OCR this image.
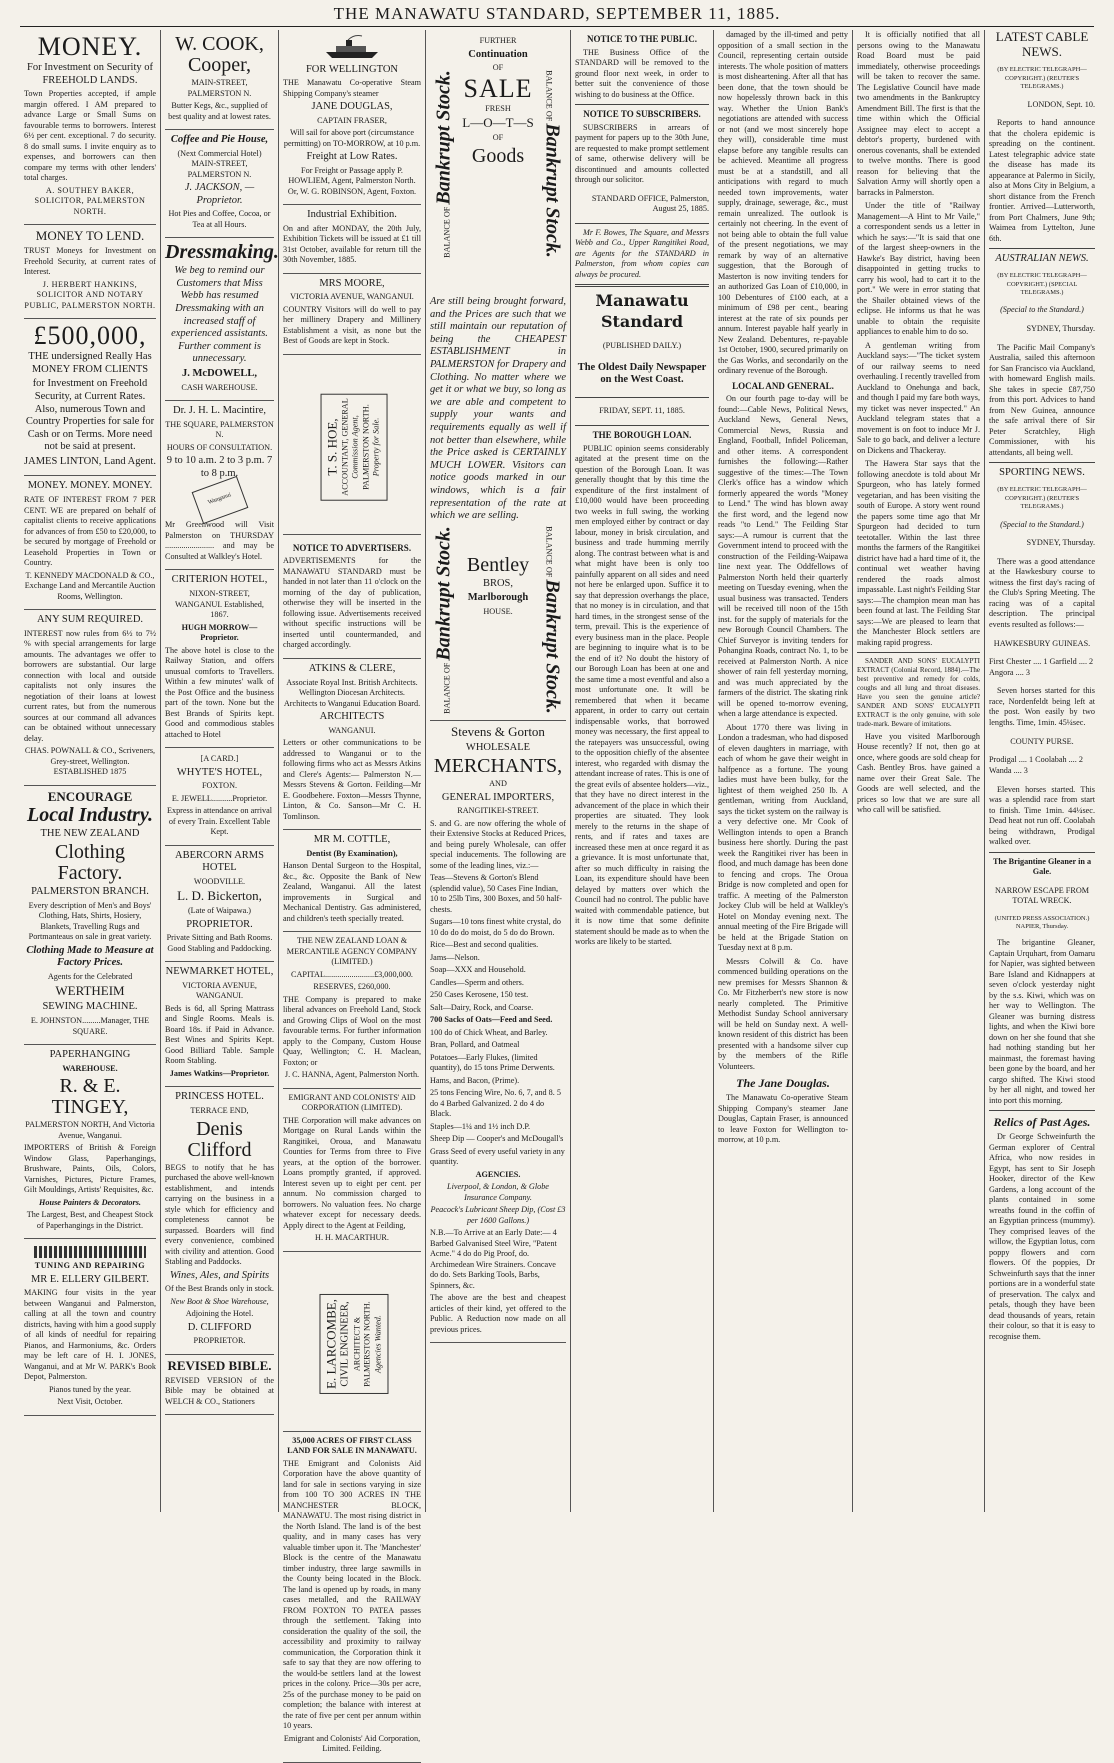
THE MANAWATU STANDARD, SEPTEMBER 11, 1885.
MONEY.

For Investment on Security of FREEHOLD LANDS.

Town Properties accepted, if ample margin offered. I AM prepared to advance Large or Small Sums on favourable terms to borrowers. Interest 6½ per cent. exceptional. 7 do security. 8 do small sums. I invite enquiry as to expenses, and borrowers can then compare my terms with other lenders' total charges.

A. SOUTHEY BAKER, SOLICITOR, PALMERSTON NORTH.

MONEY TO LEND.

TRUST Moneys for Investment on Freehold Security, at current rates of Interest.

J. HERBERT HANKINS, SOLICITOR AND NOTARY PUBLIC, PALMERSTON NORTH.

£500,000,

THE undersigned Really Has MONEY FROM CLIENTS

for Investment on Freehold Security, at Current Rates. Also, numerous Town and Country Properties for sale for Cash or on Terms. More need not be said at present.

JAMES LINTON, Land Agent.

MONEY. MONEY. MONEY.

RATE OF INTEREST FROM 7 PER CENT. WE are prepared on behalf of capitalist clients to receive applications for advances of from £50 to £20,000, to be secured by mortgage of Freehold or Leasehold Properties in Town or Country.

T. KENNEDY MACDONALD & CO., Exchange Land and Mercantile Auction Rooms, Wellington.

ANY SUM REQUIRED.

INTEREST now rules from 6½ to 7½ % with special arrangements for large amounts. The advantages we offer to borrowers are substantial. Our large connection with local and outside capitalists not only insures the negotiation of their loans at lowest current rates, but from the numerous sources at our command all advances can be obtained without unnecessary delay.

CHAS. POWNALL & CO., Scriveners, Grey-street, Wellington. ESTABLISHED 1875

ENCOURAGE
Local Industry.

THE NEW ZEALAND

Clothing Factory.

PALMERSTON BRANCH.

Every description of Men's and Boys' Clothing, Hats, Shirts, Hosiery, Blankets, Travelling Rugs and Portmanteaus on sale in great variety.

Clothing Made to Measure at Factory Prices.

Agents for the Celebrated

WERTHEIM

SEWING MACHINE.

E. JOHNSTON.........Manager, THE SQUARE.

PAPERHANGING

WAREHOUSE.

R. & E. TINGEY,

PALMERSTON NORTH, And Victoria Avenue, Wanganui.

IMPORTERS of British & Foreign Window Glass, Paperhangings, Brushware, Paints, Oils, Colors, Varnishes, Pictures, Picture Frames, Gilt Mouldings, Artists' Requisites, &c.

House Painters & Decorators.

The Largest, Best, and Cheapest Stock of Paperhangings in the District.

TUNING AND REPAIRING

MR E. ELLERY GILBERT.

MAKING four visits in the year between Wanganui and Palmerston, calling at all the town and country districts, having with him a good supply of all kinds of needful for repairing Pianos, and Harmoniums, &c. Orders may be left care of H. I. JONES, Wanganui, and at Mr W. PARK's Book Depot, Palmerston.

Pianos tuned by the year.

Next Visit, October.

W. COOK,
Cooper,

MAIN-STREET, PALMERSTON N.

Butter Kegs, &c., supplied of best quality and at lowest rates.

Coffee and Pie House,

(Next Commercial Hotel) MAIN-STREET, PALMERSTON N.

J. JACKSON, — Proprietor.

Hot Pies and Coffee, Cocoa, or Tea at all Hours.

Dressmaking.

We beg to remind our Customers that Miss Webb has resumed Dressmaking with an increased staff of experienced assistants. Further comment is unnecessary.

J. McDOWELL,

CASH WAREHOUSE.

Dr. J. H. L. Macintire,

THE SQUARE, PALMERSTON N.

HOURS OF CONSULTATION.

9 to 10 a.m. 2 to 3 p.m. 7 to 8 p.m.

Wanganui

Mr Greenwood will Visit Palmerston on THURSDAY ........................ and may be Consulted at Walkley's Hotel.

CRITERION HOTEL,

NIXON-STREET, WANGANUI. Established, 1867.

HUGH MORROW—Proprietor.

The above hotel is close to the Railway Station, and offers unusual comforts to Travellers. Within a few minutes' walk of the Post Office and the business part of the town. None but the Best Brands of Spirits kept. Good and commodious stables attached to Hotel

[A CARD.]

WHYTE'S HOTEL,

FOXTON.

E. JEWELL..........Proprietor.

Express in attendance on arrival of every Train. Excellent Table Kept.

ABERCORN ARMS HOTEL

WOODVILLE.

L. D. Bickerton,

(Late of Waipawa.)

PROPRIETOR.

Private Sitting and Bath Rooms. Good Stabling and Paddocking.

NEWMARKET HOTEL,

VICTORIA AVENUE, WANGANUI.

Beds is 6d, all Spring Mattrass and Single Rooms. Meals is. Board 18s. if Paid in Advance. Best Wines and Spirits Kept. Good Billiard Table. Sample Room Stabling.

James Watkins—Proprietor.

PRINCESS HOTEL.

TERRACE END,

Denis Clifford

BEGS to notify that he has purchased the above well-known establishment, and intends carrying on the business in a style which for efficiency and completeness cannot be surpassed. Boarders will find every convenience, combined with civility and attention. Good Stabling and Paddocks.

Wines, Ales, and Spirits

Of the Best Brands only in stock.

New Boot & Shoe Warehouse,

Adjoining the Hotel.

D. CLIFFORD

PROPRIETOR.

REVISED BIBLE.

REVISED VERSION of the Bible may be obtained at WELCH & CO., Stationers

FOR WELLINGTON

THE Manawatu Co-operative Steam Shipping Company's steamer

JANE DOUGLAS,

CAPTAIN FRASER,

Will sail for above port (circumstance permitting) on TO-MORROW, at 10 p.m.

Freight at Low Rates.

For Freight or Passage apply P. HOWLIEM, Agent, Palmerston North. Or, W. G. ROBINSON, Agent, Foxton.

Industrial Exhibition.

On and after MONDAY, the 20th July, Exhibition Tickets will be issued at £1 till 31st October, available for return till the 30th November, 1885.

MRS MOORE,

VICTORIA AVENUE, WANGANUI.

COUNTRY Visitors will do well to pay her millinery Drapery and Millinery Establishment a visit, as none but the Best of Goods are kept in Stock.

T. S. HOE, ACCOUNTANT, GENERAL Commission Agent, PALMERSTON NORTH. Property for Sale.
NOTICE TO ADVERTISERS.

ADVERTISEMENTS for the MANAWATU STANDARD must be handed in not later than 11 o'clock on the morning of the day of publication, otherwise they will be inserted in the following issue. Advertisements received without specific instructions will be inserted until countermanded, and charged accordingly.

ATKINS & CLERE,

Associate Royal Inst. British Architects. Wellington Diocesan Architects. Architects to Wanganui Education Board.

ARCHITECTS

WANGANUI.

Letters or other communications to be addressed to Wanganui or to the following firms who act as Messrs Atkins and Clere's Agents:— Palmerston N.—Messrs Stevens & Gorton. Feilding—Mr E. Goodbehere. Foxton—Messrs Thynne, Linton, & Co. Sanson—Mr C. H. Tomlinson.

MR M. COTTLE,

Dentist (By Examination),

Hanson Dental Surgeon to the Hospital, &c., &c. Opposite the Bank of New Zealand, Wanganui. All the latest improvements in Surgical and Mechanical Dentistry. Gas administered, and children's teeth specially treated.

THE NEW ZEALAND LOAN & MERCANTILE AGENCY COMPANY (LIMITED.)

CAPITAL........................£3,000,000.

RESERVES, £260,000.

THE Company is prepared to make liberal advances on Freehold Land, Stock and Growing Clips of Wool on the most favourable terms. For further information apply to the Company, Custom House Quay, Wellington; C. H. Maclean, Foxton; or

J. C. HANNA, Agent, Palmerston North.

EMIGRANT AND COLONISTS' AID CORPORATION (LIMITED).

THE Corporation will make advances on Mortgage on Rural Lands within the Rangitikei, Oroua, and Manawatu Counties for Terms from three to Five years, at the option of the borrower. Loans promptly granted, if approved. Interest seven up to eight per cent. per annum. No commission charged to borrowers. No valuation fees. No charge whatever except for necessary deeds. Apply direct to the Agent at Feilding,

H. H. MACARTHUR.

E. LARCOMBE, CIVIL ENGINEER, ARCHITECT & PALMERSTON NORTH. Agencies Wanted.
35,000 ACRES OF FIRST CLASS LAND FOR SALE IN MANAWATU.

THE Emigrant and Colonists Aid Corporation have the above quantity of land for sale in sections varying in size from 100 TO 300 ACRES IN THE MANCHESTER BLOCK, MANAWATU. The most rising district in the North Island. The land is of the best quality, and in many cases has very valuable timber upon it. The 'Manchester' Block is the centre of the Manawatu timber industry, three large sawmills in the County being located in the Block. The land is opened up by roads, in many cases metalled, and the RAILWAY FROM FOXTON TO PATEA passes through the settlement. Taking into consideration the quality of the soil, the accessibility and proximity to railway communication, the Corporation think it safe to say that they are now offering to the would-be settlers land at the lowest prices in the colony. Price—30s per acre, 25s of the purchase money to be paid on completion; the balance with interest at the rate of five per cent per annum within 10 years.

Emigrant and Colonists' Aid Corporation, Limited. Feilding.

BALANCE OF Bankrupt Stock.

FURTHER

Continuation

OF

SALE

FRESH

L—O—T—S

OF

Goods
BALANCE OF Bankrupt Stock.

Are still being brought forward, and the Prices are such that we still maintain our reputation of being the CHEAPEST ESTABLISHMENT in PALMERSTON for Drapery and Clothing. No matter where we get it or what we buy, so long as we are able and competent to supply your wants and requirements equally as well if not better than elsewhere, while the Price asked is CERTAINLY MUCH LOWER. Visitors can notice goods marked in our windows, which is a fair representation of the rate at which we are selling.

BALANCE OF Bankrupt Stock. Bentley

BROS,

Marlborough

HOUSE.

BALANCE OF Bankrupt Stock.
Stevens & Gorton

WHOLESALE

MERCHANTS,

AND

GENERAL IMPORTERS,

RANGITIKEI-STREET.

S. and G. are now offering the whole of their Extensive Stocks at Reduced Prices, and being purely Wholesale, can offer special inducements. The following are some of the leading lines, viz.:—

Teas—Stevens & Gorton's Blend (splendid value), 50 Cases Fine Indian, 10 to 25lb Tins, 300 Boxes, and 50 half-chests.

Sugars—10 tons finest white crystal, do 10 do do do moist, do 5 do do Brown.

Rice—Best and second qualities.

Jams—Nelson.

Soap—XXX and Household.

Candles—Sperm and others.

250 Cases Kerosene, 150 test.

Salt—Dairy, Rock, and Coarse.

700 Sacks of Oats—Feed and Seed.

100 do of Chick Wheat, and Barley.

Bran, Pollard, and Oatmeal

Potatoes—Early Flukes, (limited quantity), do 15 tons Prime Derwents.

Hams, and Bacon, (Prime).

25 tons Fencing Wire, No. 6, 7, and 8. 5 do 4 Barbed Galvanized. 2 do 4 do Black.

Staples—1¼ and 1½ inch D.P.

Sheep Dip — Cooper's and McDougall's

Grass Seed of every useful variety in any quantity.

AGENCIES.

Liverpool, & London, & Globe Insurance Company.

Peacock's Lubricant Sheep Dip, (Cost £3 per 1600 Gallons.)

N.B.—To Arrive at an Early Date:— 4 Barbed Galvanised Steel Wire, "Patent Acme." 4 do do Pig Proof, do. Archimedean Wire Strainers. Concave do do. Sets Barking Tools, Barbs, Spinners, &c.

The above are the best and cheapest articles of their kind, yet offered to the Public. A Reduction now made on all previous prices.

NOTICE TO THE PUBLIC.

THE Business Office of the STANDARD will be removed to the ground floor next week, in order to better suit the convenience of those wishing to do business at the Office.

NOTICE TO SUBSCRIBERS.

SUBSCRIBERS in arrears of payment for papers up to the 30th June, are requested to make prompt settlement of same, otherwise delivery will be discontinued and amounts collected through our solicitor.

STANDARD OFFICE, Palmerston, August 25, 1885.

Mr F. Bowes, The Square, and Messrs Webb and Co., Upper Rangitikei Road, are Agents for the STANDARD in Palmerston, from whom copies can always be procured.

Manawatu Standard

(PUBLISHED DAILY.)

The Oldest Daily Newspaper on the West Coast.

FRIDAY, SEPT. 11, 1885.

THE BOROUGH LOAN.

PUBLIC opinion seems considerably agitated at the present time on the question of the Borough Loan. It was generally thought that by this time the expenditure of the first instalment of £10,000 would have been proceeding two weeks in full swing, the working men employed either by contract or day labour, money in brisk circulation, and business and trade humming merrily along. The contrast between what is and what might have been is only too painfully apparent on all sides and need not here be enlarged upon. Suffice it to say that depression overhangs the place, that no money is in circulation, and that hard times, in the strongest sense of the term, prevail. This is the experience of every business man in the place. People are beginning to inquire what is to be the end of it? No doubt the history of our Borough Loan has been at one and the same time a most eventful and also a most unfortunate one. It will be remembered that when it became apparent, in order to carry out certain indispensable works, that borrowed money was necessary, the first appeal to the ratepayers was unsuccessful, owing to the opposition chiefly of the absentee interest, who regarded with dismay the attendant increase of rates. This is one of the great evils of absentee holders—viz., that they have no direct interest in the advancement of the place in which their properties are situated. They look merely to the returns in the shape of rents, and if rates and taxes are increased these men at once regard it as a grievance. It is most unfortunate that, after so much difficulty in raising the Loan, its expenditure should have been delayed by matters over which the Council had no control. The public have waited with commendable patience, but it is now time that some definite statement should be made as to when the works are likely to be started.

damaged by the ill-timed and petty opposition of a small section in the Council, representing certain outside interests. The whole position of matters is most disheartening. After all that has been done, that the town should be now hopelessly thrown back in this way. Whether the Union Bank's negotiations are attended with success or not (and we most sincerely hope they will), considerable time must elapse before any tangible results can be achieved. Meantime all progress must be at a standstill, and all anticipations with regard to much needed town improvements, water supply, drainage, sewerage, &c., must remain unrealized. The outlook is certainly not cheering. In the event of not being able to obtain the full value of the present negotiations, we may remark by way of an alternative suggestion, that the Borough of Masterton is now inviting tenders for an authorized Gas Loan of £10,000, in 100 Debentures of £100 each, at a minimum of £98 per cent., bearing interest at the rate of six pounds per annum. Interest payable half yearly in New Zealand. Debentures, re-payable 1st October, 1900, secured primarily on the Gas Works, and secondarily on the ordinary revenue of the Borough.

LOCAL AND GENERAL.

On our fourth page to-day will be found:—Cable News, Political News, Auckland News, General News, Commercial News, Russia and England, Football, Infidel Policeman, and other items. A correspondent furnishes the following:—Rather suggestive of the times:—The Town Clerk's office has a window which formerly appeared the words "Money to Lend." The wind has blown away the first word, and the legend now reads "to Lend." The Feilding Star says:—A rumour is current that the Government intend to proceed with the construction of the Feilding-Waipawa line next year. The Oddfellows of Palmerston North held their quarterly meeting on Tuesday evening, when the usual business was transacted. Tenders will be received till noon of the 15th inst. for the supply of materials for the new Borough Council Chambers. The Chief Surveyor is inviting tenders for Pohangina Roads, contract No. 1, to be received at Palmerston North. A nice shower of rain fell yesterday morning, and was much appreciated by the farmers of the district. The skating rink will be opened to-morrow evening, when a large attendance is expected.

About 1770 there was living in London a tradesman, who had disposed of eleven daughters in marriage, with each of whom he gave their weight in halfpence as a fortune. The young ladies must have been bulky, for the lightest of them weighed 250 lb. A gentleman, writing from Auckland, says the ticket system on the railway is a very defective one. Mr Cook of Wellington intends to open a Branch business here shortly. During the past week the Rangitikei river has been in flood, and much damage has been done to fencing and crops. The Oroua Bridge is now completed and open for traffic. A meeting of the Palmerston Jockey Club will be held at Walkley's Hotel on Monday evening next. The annual meeting of the Fire Brigade will be held at the Brigade Station on Tuesday next at 8 p.m.

Messrs Colwill & Co. have commenced building operations on the new premises for Messrs Shannon & Co. Mr Fitzherbert's new store is now nearly completed. The Primitive Methodist Sunday School anniversary will be held on Sunday next. A well-known resident of this district has been presented with a handsome silver cup by the members of the Rifle Volunteers.

The Jane Douglas.

The Manawatu Co-operative Steam Shipping Company's steamer Jane Douglas, Captain Fraser, is announced to leave Foxton for Wellington to-morrow, at 10 p.m.

It is officially notified that all persons owing to the Manawatu Road Board must be paid immediately, otherwise proceedings will be taken to recover the same. The Legislative Council have made two amendments in the Bankruptcy Amendment Bill. The first is that the time within which the Official Assignee may elect to accept a debtor's property, burdened with onerous covenants, shall be extended to twelve months. There is good reason for believing that the Salvation Army will shortly open a barracks in Palmerston.

Under the title of "Railway Management—A Hint to Mr Vaile," a correspondent sends us a letter in which he says:—"It is said that one of the largest sheep-owners in the Hawke's Bay district, having been disappointed in getting trucks to carry his wool, had to cart it to the port." We were in error stating that the Shailer obtained views of the eclipse. He informs us that he was unable to obtain the requisite appliances to enable him to do so.

A gentleman writing from Auckland says:—"The ticket system of our railway seems to need overhauling. I recently travelled from Auckland to Onehunga and back, and though I paid my fare both ways, my ticket was never inspected." An Auckland telegram states that a movement is on foot to induce Mr J. Sale to go back, and deliver a lecture on Dickens and Thackeray.

The Hawera Star says that the following anecdote is told about Mr Spurgeon, who has lately formed vegetarian, and has been visiting the south of Europe. A story went round the papers some time ago that Mr Spurgeon had decided to turn teetotaller. Within the last three months the farmers of the Rangitikei district have had a hard time of it, the continual wet weather having rendered the roads almost impassable. Last night's Feilding Star says:—The champion mean man has been found at last. The Feilding Star says:—We are pleased to learn that the Manchester Block settlers are making rapid progress.

SANDER AND SONS' EUCALYPTI EXTRACT (Colonial Record, 1884).—The best preventive and remedy for colds, coughs and all lung and throat diseases. Have you seen the genuine article? SANDER AND SONS' EUCALYPTI EXTRACT is the only genuine, with sole trade-mark. Beware of imitations.

Have you visited Marlborough House recently? If not, then go at once, where goods are sold cheap for Cash. Bentley Bros. have gained a name over their Great Sale. The Goods are well selected, and the prices so low that we are sure all who call will be satisfied.

LATEST CABLE NEWS.

(BY ELECTRIC TELEGRAPH—COPYRIGHT.) (REUTER'S TELEGRAMS.)

LONDON, Sept. 10.

Reports to hand announce that the cholera epidemic is spreading on the continent. Latest telegraphic advice state the disease has made its appearance at Palermo in Sicily, also at Mons City in Belgium, a short distance from the French frontier. Arrived—Lutterworth, from Port Chalmers, June 9th; Waimea from Lyttelton, June 6th.

AUSTRALIAN NEWS.

(BY ELECTRIC TELEGRAPH—COPYRIGHT.) (SPECIAL TELEGRAMS.)

(Special to the Standard.)

SYDNEY, Thursday.

The Pacific Mail Company's Australia, sailed this afternoon for San Francisco via Auckland, with homeward English mails. She takes in specie £87,750 from this port. Advices to hand from New Guinea, announce the safe arrival there of Sir Peter Scratchley, High Commissioner, with his attendants, all being well.

SPORTING NEWS.

(BY ELECTRIC TELEGRAPH—COPYRIGHT.) (REUTER'S TELEGRAMS.)

(Special to the Standard.)

SYDNEY, Thursday.

There was a good attendance at the Hawkesbury course to witness the first day's racing of the Club's Spring Meeting. The racing was of a capital description. The principal events resulted as follows:—

HAWKESBURY GUINEAS.

First Chester .... 1 Garfield .... 2 Angora .... 3

Seven horses started for this race, Nordenfeldt being left at the post. Won easily by two lengths. Time, 1min. 45¼sec.

COUNTY PURSE.

Prodigal .... 1 Coolabah .... 2 Wanda .... 3

Eleven horses started. This was a splendid race from start to finish. Time 1min. 44¼sec. Dead heat not run off. Coolabah being withdrawn, Prodigal walked over.

The Brigantine Gleaner in a Gale.

NARROW ESCAPE FROM TOTAL WRECK.

(UNITED PRESS ASSOCIATION.) NAPIER, Thursday.

The brigantine Gleaner, Captain Urquhart, from Oamaru for Napier, was sighted between Bare Island and Kidnappers at seven o'clock yesterday night by the s.s. Kiwi, which was on her way to Wellington. The Gleaner was burning distress lights, and when the Kiwi bore down on her she found that she had nothing standing but her mainmast, the foremast having been gone by the board, and her cargo shifted. The Kiwi stood by her all night, and towed her into port this morning.

Relics of Past Ages.

Dr George Schweinfurth the German explorer of Central Africa, who now resides in Egypt, has sent to Sir Joseph Hooker, director of the Kew Gardens, a long account of the plants contained in some wreaths found in the coffin of an Egyptian princess (mummy). They comprised leaves of the willow, the Egyptian lotus, corn poppy flowers and corn flowers. Of the poppies, Dr Schweinfurth says that the inner portions are in a wonderful state of preservation. The calyx and petals, though they have been dead thousands of years, retain their colour, so that it is easy to recognise them.
